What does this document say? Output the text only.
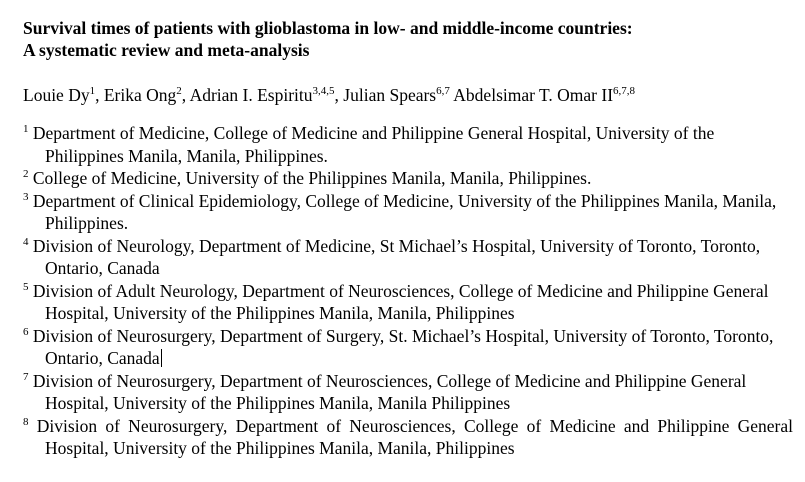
Survival times of patients with glioblastoma in low- and middle-income countries:
A systematic review and meta-analysis
Louie Dy$^1$, Erika Ong$^2$, Adrian I. Espiritu$^{3,4,5}$, Julian Spears$^{6,7}$ Abdelsimar T. Omar II$^{6,7,8}$
$^1$ Department of Medicine, College of Medicine and Philippine General Hospital, University of the Philippines Manila, Manila, Philippines.
$^2$ College of Medicine, University of the Philippines Manila, Manila, Philippines.
$^3$ Department of Clinical Epidemiology, College of Medicine, University of the Philippines Manila, Manila, Philippines.
$^4$ Division of Neurology, Department of Medicine, St Michael’s Hospital, University of Toronto, Toronto, Ontario, Canada
$^5$ Division of Adult Neurology, Department of Neurosciences, College of Medicine and Philippine General Hospital, University of the Philippines Manila, Manila, Philippines
$^6$ Division of Neurosurgery, Department of Surgery, St. Michael’s Hospital, University of Toronto, Toronto, Ontario, Canada
$^7$ Division of Neurosurgery, Department of Neurosciences, College of Medicine and Philippine General Hospital, University of the Philippines Manila, Manila Philippines
$^8$ Division of Neurosurgery, Department of Neurosciences, College of Medicine and Philippine General Hospital, University of the Philippines Manila, Manila, Philippines
